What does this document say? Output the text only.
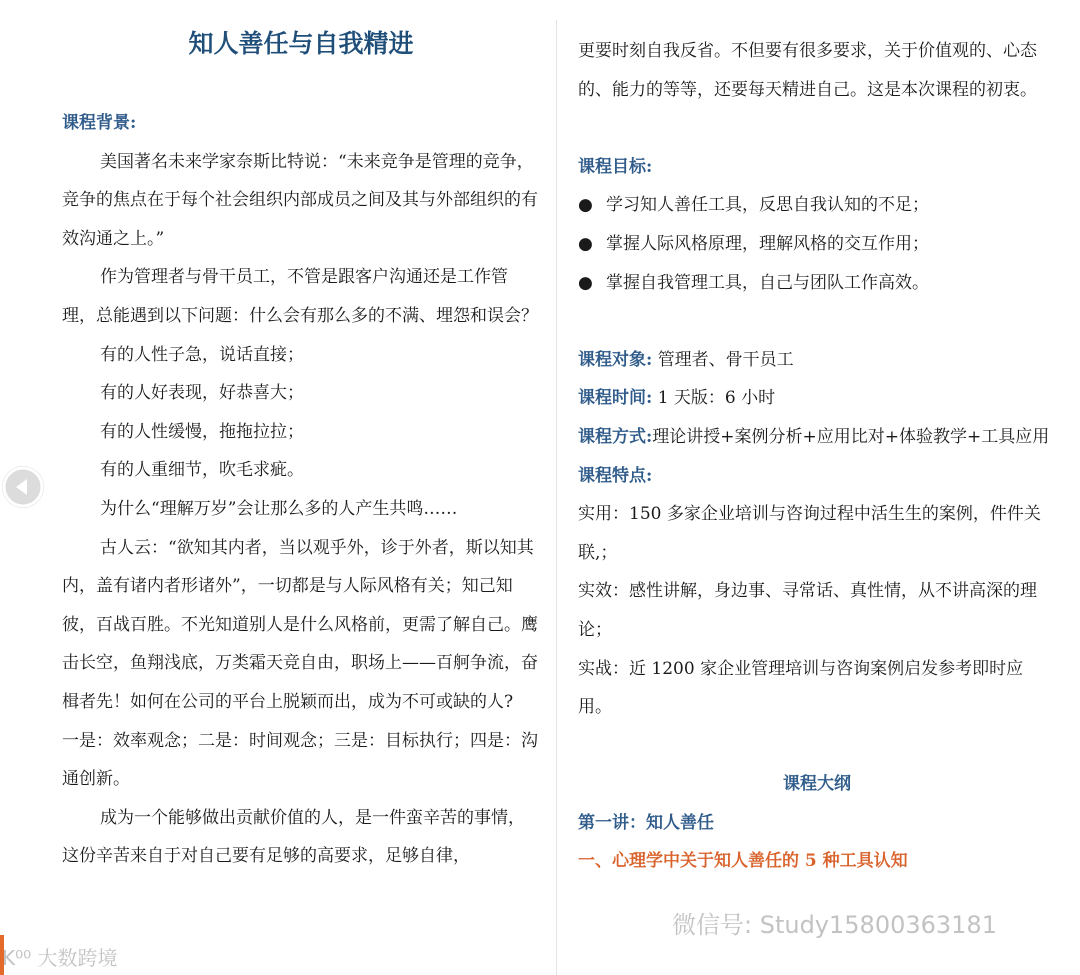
知人善任与自我精进

课程背景:

美国著名未来学家奈斯比特说：“未来竞争是管理的竞争，竞争的焦点在于每个社会组织内部成员之间及其与外部组织的有效沟通之上。”

作为管理者与骨干员工，不管是跟客户沟通还是工作管理，总能遇到以下问题：什么会有那么多的不满、埋怨和误会？

有的人性子急，说话直接；

有的人好表现，好恭喜大；

有的人性缓慢，拖拖拉拉；

有的人重细节，吹毛求疵。

为什么“理解万岁”会让那么多的人产生共鸣……

古人云：“欲知其内者，当以观乎外，诊于外者，斯以知其内，盖有诸内者形诸外”，一切都是与人际风格有关；知己知彼，百战百胜。不光知道别人是什么风格前，更需了解自己。鹰击长空，鱼翔浅底，万类霜天竞自由，职场上——百舸争流，奋楫者先！如何在公司的平台上脱颖而出，成为不可或缺的人?

一是：效率观念；二是：时间观念；三是：目标执行；四是：沟通创新。

成为一个能够做出贡献价值的人，是一件蛮辛苦的事情，这份辛苦来自于对自己要有足够的高要求，足够自律，

更要时刻自我反省。不但要有很多要求，关于价值观的、心态的、能力的等等，还要每天精进自己。这是本次课程的初衷。

课程目标:

● 学习知人善任工具，反思自我认知的不足；
● 掌握人际风格原理，理解风格的交互作用；
● 掌握自我管理工具，自己与团队工作高效。

课程对象: 管理者、骨干员工

课程时间: 1 天版：6 小时

课程方式:理论讲授+案例分析+应用比对+体验教学+工具应用

课程特点:

实用：150 多家企业培训与咨询过程中活生生的案例，件件关联,；

实效：感性讲解，身边事、寻常话、真性情，从不讲高深的理论；

实战：近 1200 家企业管理培训与咨询案例启发参考即时应用。

课程大纲

第一讲：知人善任

一、心理学中关于知人善任的 5 种工具认知

K⁰⁰ 大数跨境
微信号: Study15800363181
